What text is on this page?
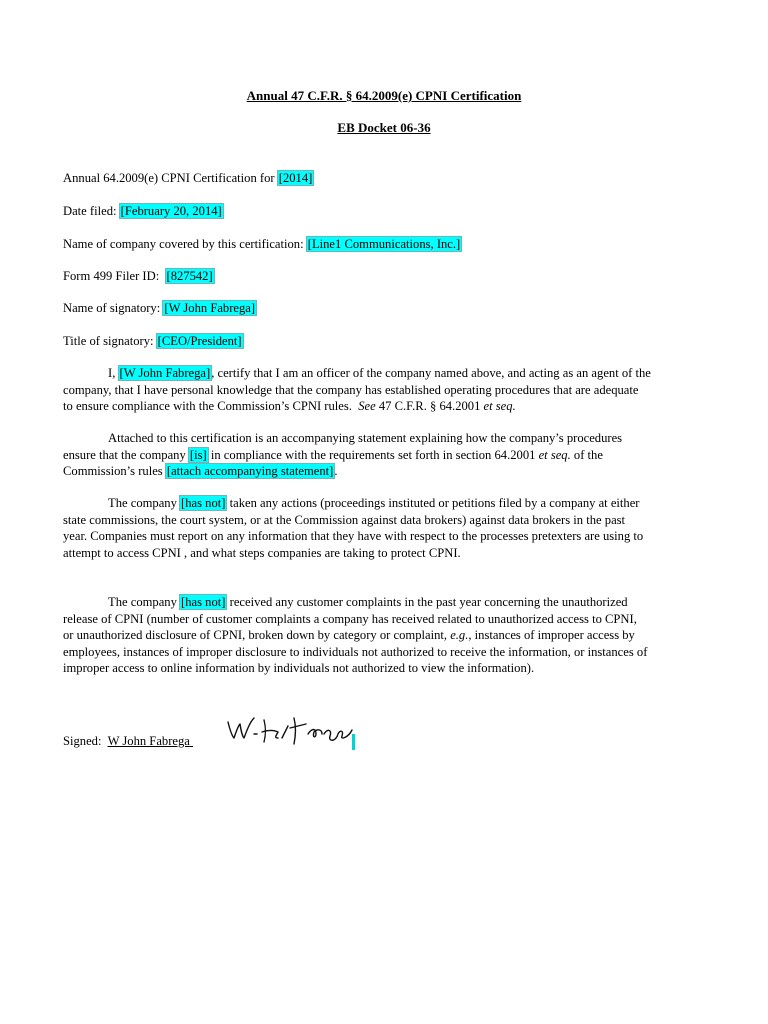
Annual 47 C.F.R. § 64.2009(e) CPNI Certification
EB Docket 06-36
Annual 64.2009(e) CPNI Certification for [2014]
Date filed: [February 20, 2014]
Name of company covered by this certification: [Line1 Communications, Inc.]
Form 499 Filer ID: [827542]
Name of signatory: [W John Fabrega]
Title of signatory: [CEO/President]
I, [W John Fabrega], certify that I am an officer of the company named above, and acting as an agent of the
company, that I have personal knowledge that the company has established operating procedures that are adequate
to ensure compliance with the Commission’s CPNI rules. See 47 C.F.R. § 64.2001 et seq.
Attached to this certification is an accompanying statement explaining how the company’s procedures
ensure that the company [is] in compliance with the requirements set forth in section 64.2001 et seq. of the
Commission’s rules [attach accompanying statement].
The company [has not] taken any actions (proceedings instituted or petitions filed by a company at either
state commissions, the court system, or at the Commission against data brokers) against data brokers in the past
year. Companies must report on any information that they have with respect to the processes pretexters are using to
attempt to access CPNI , and what steps companies are taking to protect CPNI.
The company [has not] received any customer complaints in the past year concerning the unauthorized
release of CPNI (number of customer complaints a company has received related to unauthorized access to CPNI,
or unauthorized disclosure of CPNI, broken down by category or complaint, e.g., instances of improper access by
employees, instances of improper disclosure to individuals not authorized to receive the information, or instances of
improper access to online information by individuals not authorized to view the information).
Signed: W John Fabrega
